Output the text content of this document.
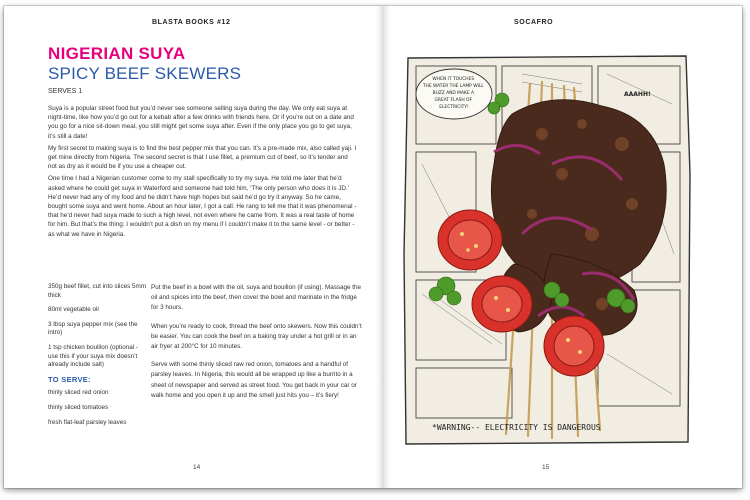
BLASTA BOOKS #12	SOCAFRO
NIGERIAN SUYA
SPICY BEEF SKEWERS
SERVES 1

Suya is a popular street food but you’d never see someone selling suya during the day. We only eat suya at night-time, like how you’d go out for a kebab after a few drinks with friends here. Or if you’re out on a date and you go for a nice sit-down meal, you still might get some suya after. Even if the only place you go to get suya, it’s still a date!

My first secret to making suya is to find the best pepper mix that you can. It’s a pre-made mix, also called yaji. I get mine directly from Nigeria. The second secret is that I use fillet, a premium cut of beef, so it’s tender and not as dry as it would be if you use a cheaper cut.

One time I had a Nigerian customer come to my stall specifically to try my suya. He told me later that he’d asked where he could get suya in Waterford and someone had told him, ‘The only person who does it is JD.’ He’d never had any of my food and he didn’t have high hopes but said he’d go try it anyway. So he came, bought some suya and went home. About an hour later, I got a call. He rang to tell me that it was phenomenal - that he’d never had suya made to such a high level, not even where he came from. It was a real taste of home for him. But that’s the thing: I wouldn’t put a dish on my menu if I couldn’t make it to the same level - or better - as what we have in Nigeria.

350g beef fillet, cut into slices 5mm thick
80ml vegetable oil
3 tbsp suya pepper mix (see the intro)
1 tsp chicken bouillon (optional - use this if your suya mix doesn’t already include salt)
TO SERVE:
thinly sliced red onion
thinly sliced tomatoes
fresh flat-leaf parsley leaves

Put the beef in a bowl with the oil, suya and bouillon (if using). Massage the oil and spices into the beef, then cover the bowl and marinate in the fridge for 3 hours.

When you’re ready to cook, thread the beef onto skewers. Now this couldn’t be easier. You can cook the beef on a baking tray under a hot grill or in an air fryer at 200°C for 10 minutes.

Serve with some thinly sliced raw red onion, tomatoes and a handful of parsley leaves. In Nigeria, this would all be wrapped up like a burrito in a sheet of newspaper and served as street food. You get back in your car or walk home and you open it up and the smell just hits you – it’s fiery!

14	15
WHEN IT TOUCHES THE WATER THE LAMP WILL BUZZ AND MAKE A GREAT FLASH OF ELECTRICITY!
AAAHH!
*WARNING-- ELECTRICITY IS DANGEROUS
